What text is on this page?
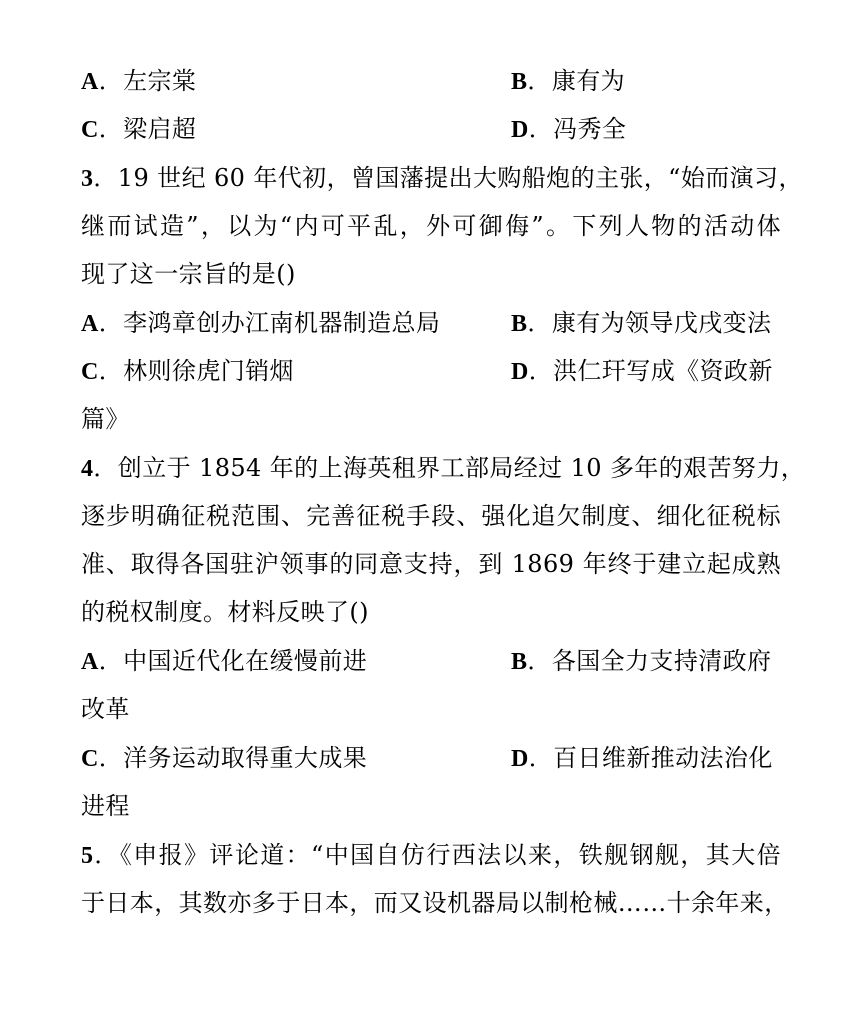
A．左宗棠	B．康有为
C．梁启超	D．冯秀全
3．19 世纪 60 年代初，曾国藩提出大购船炮的主张，“始而演习，
继而试造”，以为“内可平乱，外可御侮”。下列人物的活动体
现了这一宗旨的是()
A．李鸿章创办江南机器制造总局	B．康有为领导戊戌变法
C．林则徐虎门销烟	D．洪仁玕写成《资政新
篇》
4．创立于 1854 年的上海英租界工部局经过 10 多年的艰苦努力，
逐步明确征税范围、完善征税手段、强化追欠制度、细化征税标
准、取得各国驻沪领事的同意支持，到 1869 年终于建立起成熟
的税权制度。材料反映了()
A．中国近代化在缓慢前进	B．各国全力支持清政府
改革
C．洋务运动取得重大成果	D．百日维新推动法治化
进程
5．《申报》评论道：“中国自仿行西法以来，铁舰钢舰，其大倍
于日本，其数亦多于日本，而又设机器局以制枪械……十余年来，
